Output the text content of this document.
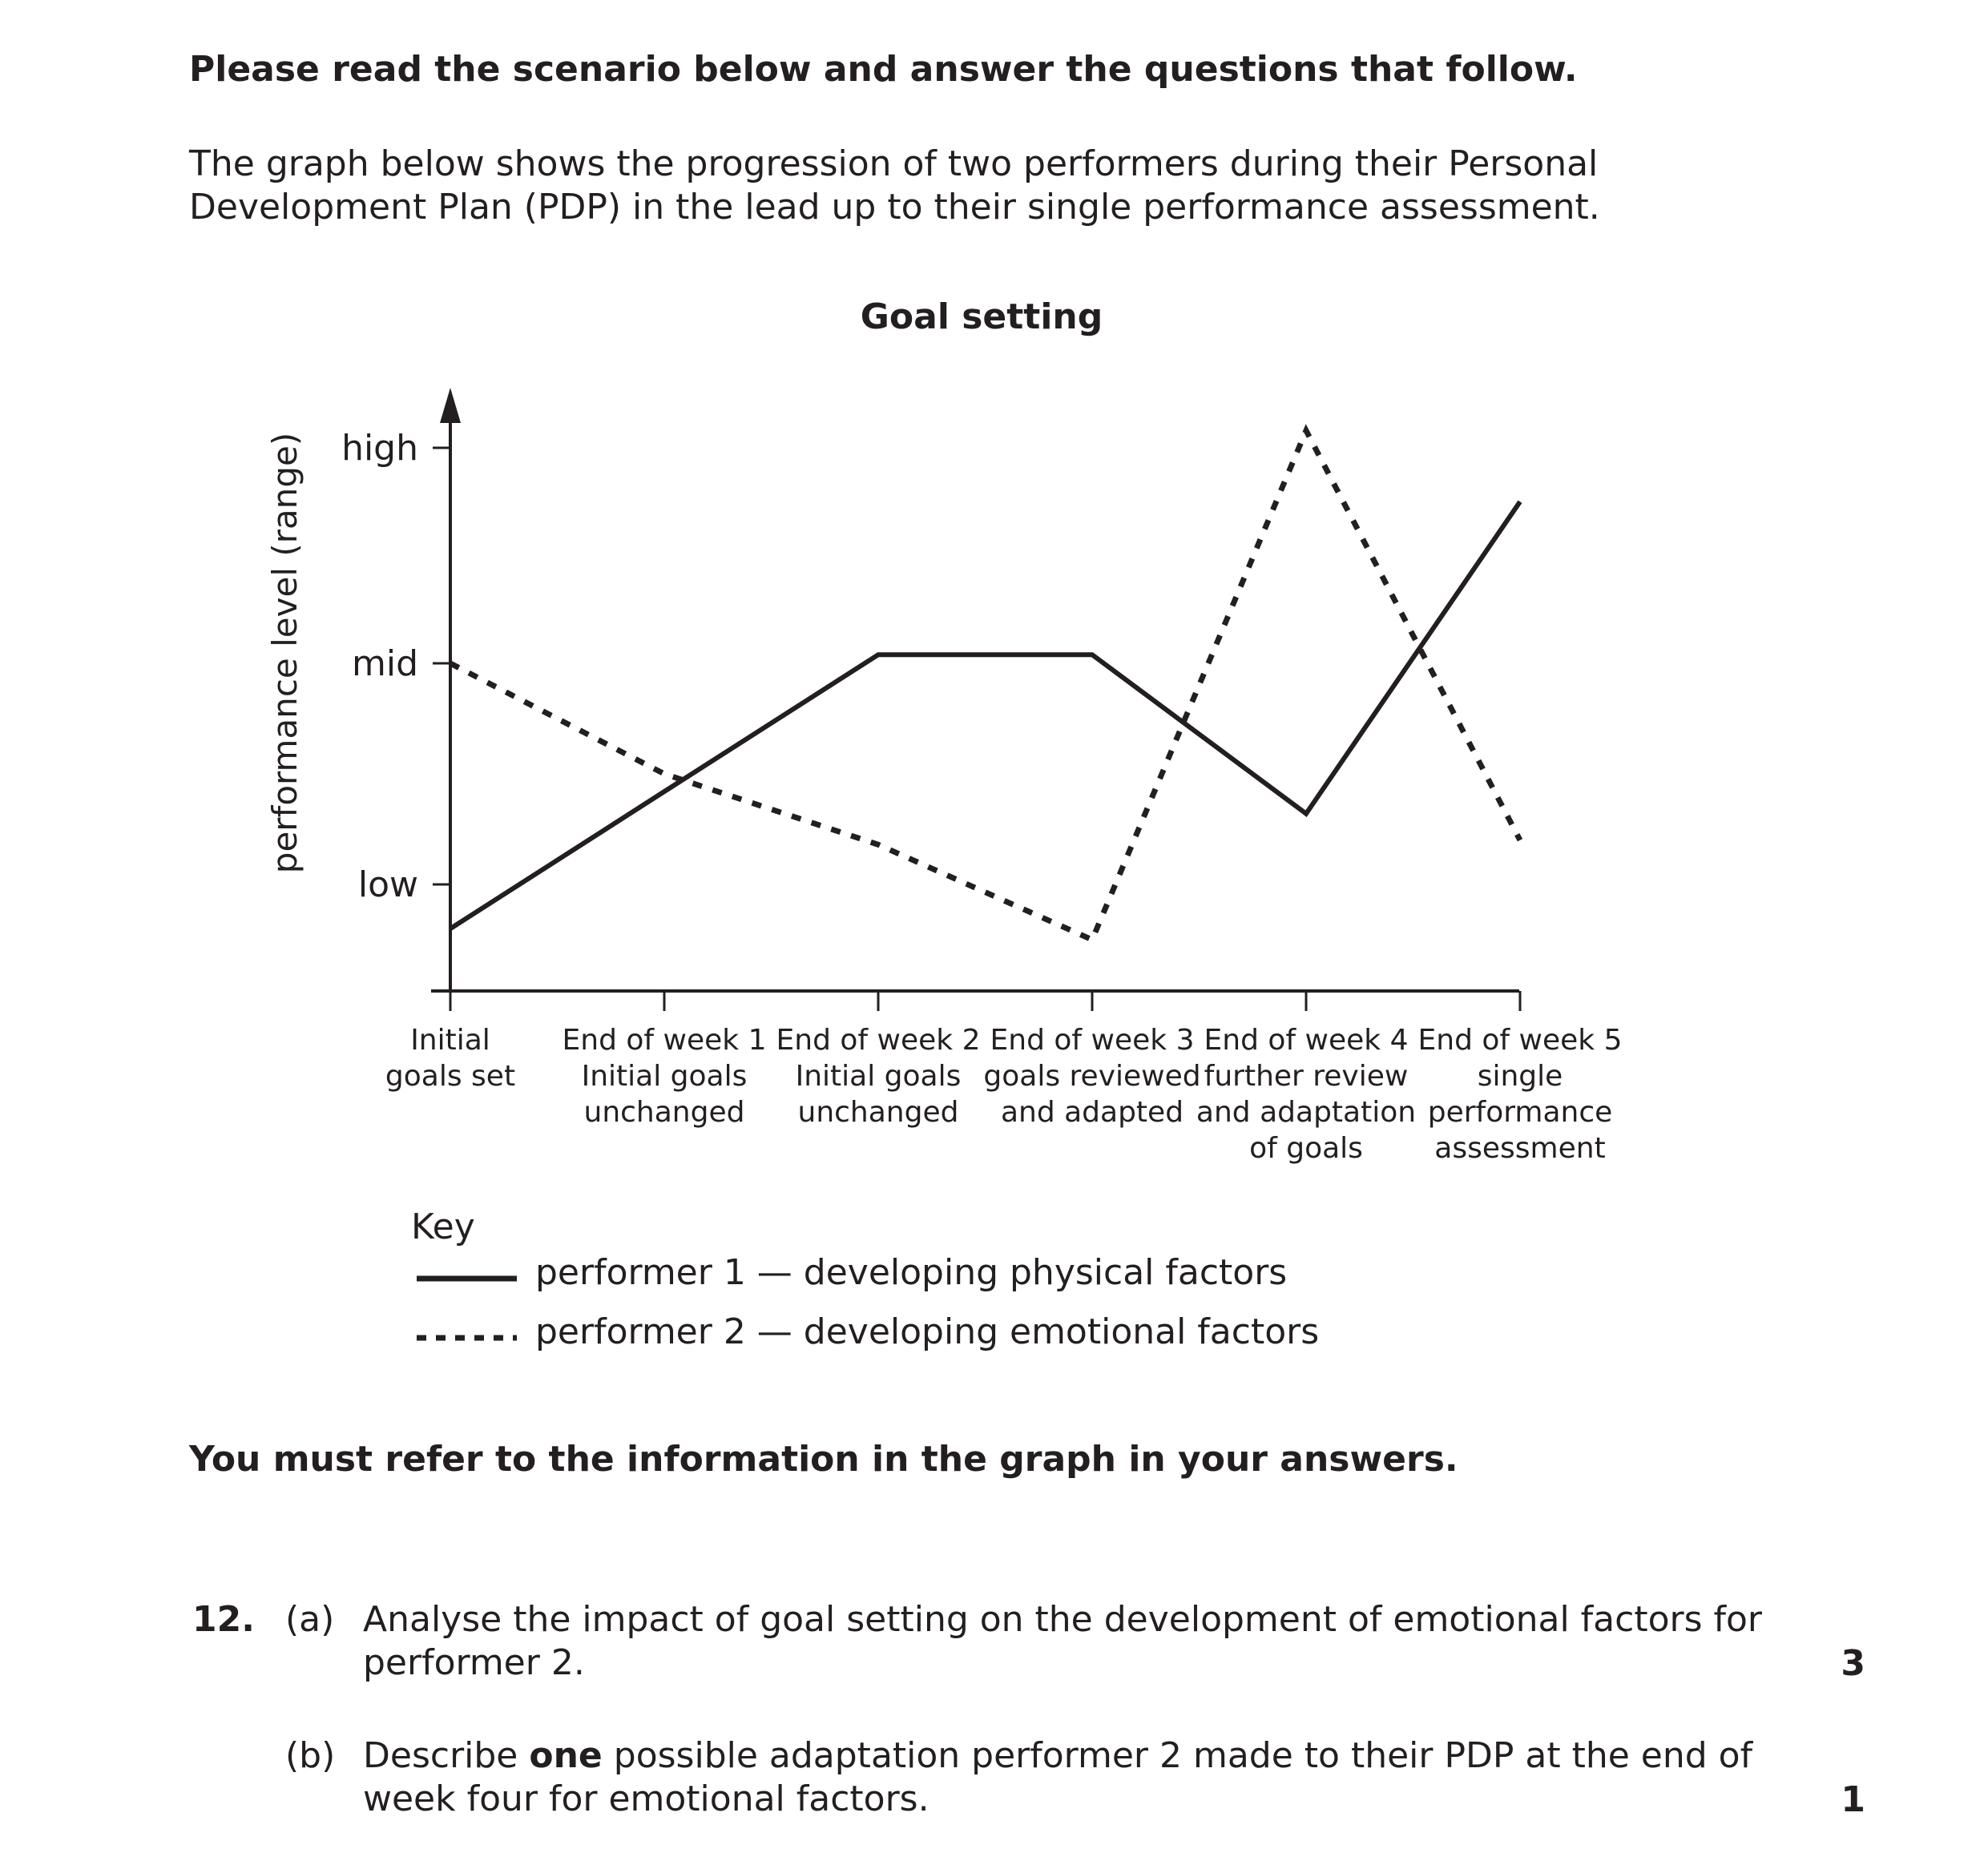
Please read the scenario below and answer the questions that follow.

The graph below shows the progression of two performers during their Personal
Development Plan (PDP) in the lead up to their single performance assessment.

Goal setting
performance level (range) high
mid
low
Initial goals set
End of week 1 Initial goals unchanged
End of week 2 Initial goals unchanged
End of week 3 goals reviewed and adapted
End of week 4 further review and adaptation of goals
End of week 5 single performance assessment
Key
performer 1 — developing physical factors
performer 2 — developing emotional factors

You must refer to the information in the graph in your answers.

12. (a) Analyse the impact of goal setting on the development of emotional factors for
performer 2.	3

(b) Describe one possible adaptation performer 2 made to their PDP at the end of
week four for emotional factors.	1
